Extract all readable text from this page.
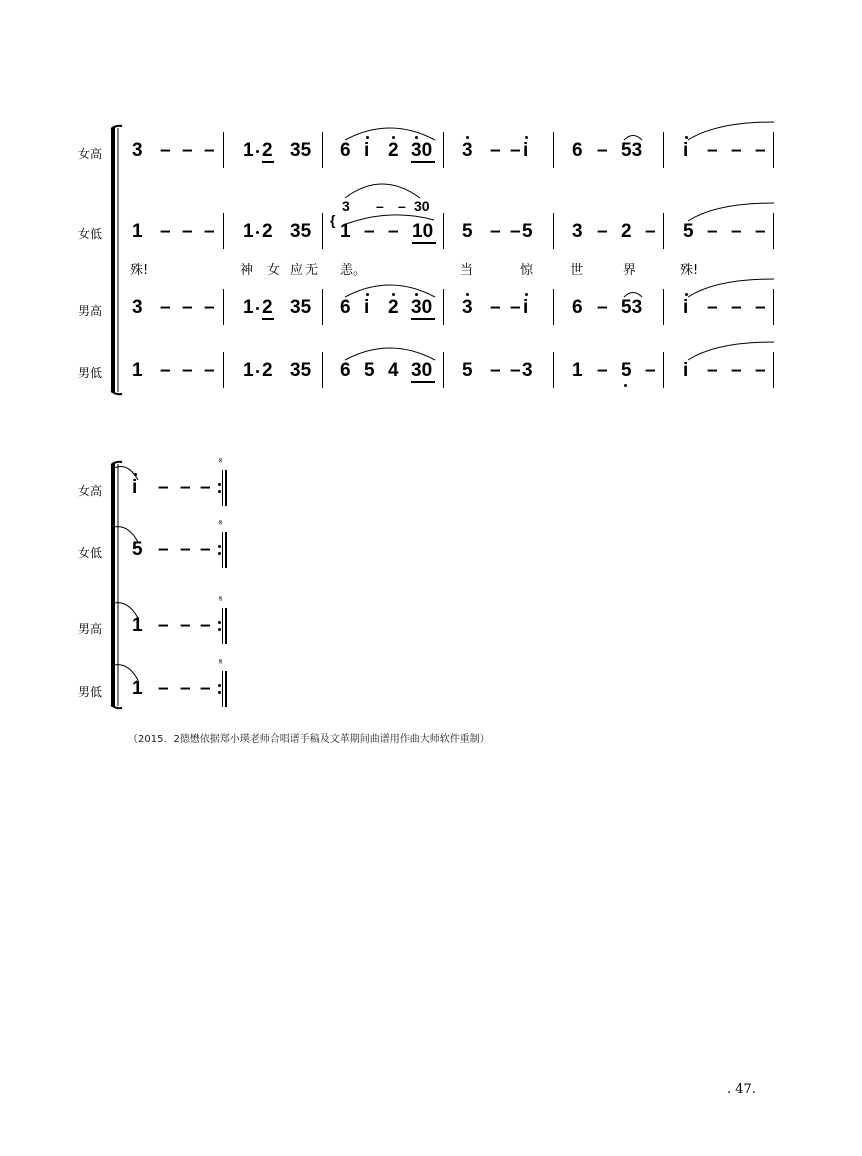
女高
女低
男高
男低
3 – – – 1 2 35 6 i 2 30 3 – – i 6 – 53 i – – –
1 – – – 1 2 35
{
3 – – 30
1 – – 10 5 – – 5 3 – 2 – 5 – – –
殊!	神 女 应 无 恙。	当	惊	世	界	殊!
3 – – – 1 2 35 6 i 2 30 3 – – i 6 – 53 i – – –
1 – – – 1 2 35 6 5 4 30 5 – – 3 1 – 5 – i – – –
女高
女低
男高
男低
i – – –
𝄋
5 – – –
𝄋
1 – – –
𝄋
1 – – –
𝄋
（2015．2德懋依据郑小瑛老师合唱谱手稿及文革期间曲谱用作曲大师软件重制）
. 47.
